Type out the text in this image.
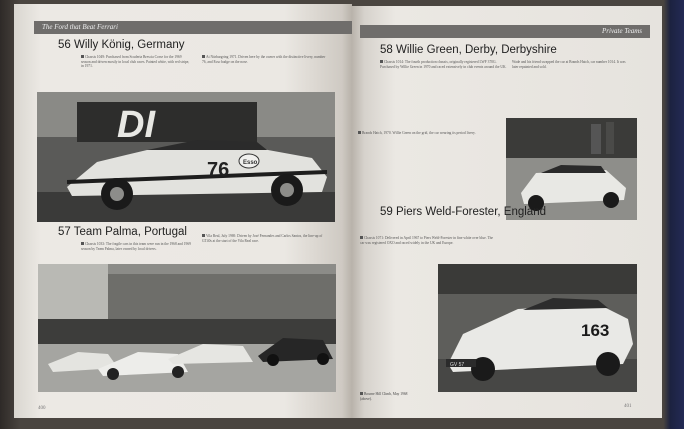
The Ford that Beat Ferrari
56 Willy König, Germany
Chassis 1049: Purchased from Scuderia Brescia Corse for the 1969 season and driven mostly in local club races. Painted white, with red stripe, in 1971.
At Nürburgring 1971. Driven here by the owner with the distinctive livery, number 76, and Esso badge on the nose.
DI
Esso
76
57 Team Palma, Portugal
Chassis 1033: The fragile cars in this team were run in the 1968 and 1969 season by Team Palma, later owned by local drivers.
Vila Real, July 1969. Driven by José Fernandes and Carlos Santos, the line-up of GT40s at the start of the Vila Real race.
400
Private Teams
58 Willie Green, Derby, Derbyshire
Chassis 1014: The fourth production chassis, originally registered LWF 370G. Purchased by Willie Green in 1970 and raced extensively in club events around the UK.
Wade and his friend swapped the car at Brands Hatch, car number 1014. It was later repainted and sold.
Brands Hatch, 1970. Willie Green on the grid, the car wearing its period livery.
59 Piers Weld-Forester, England
Chassis 1071: Delivered in April 1967 to Piers Weld-Forester in fine white over blue. The car was registered OXO and raced widely in the UK and Europe.
163
GV 57
Bourne Hill Climb, May 1968 (above).
401
